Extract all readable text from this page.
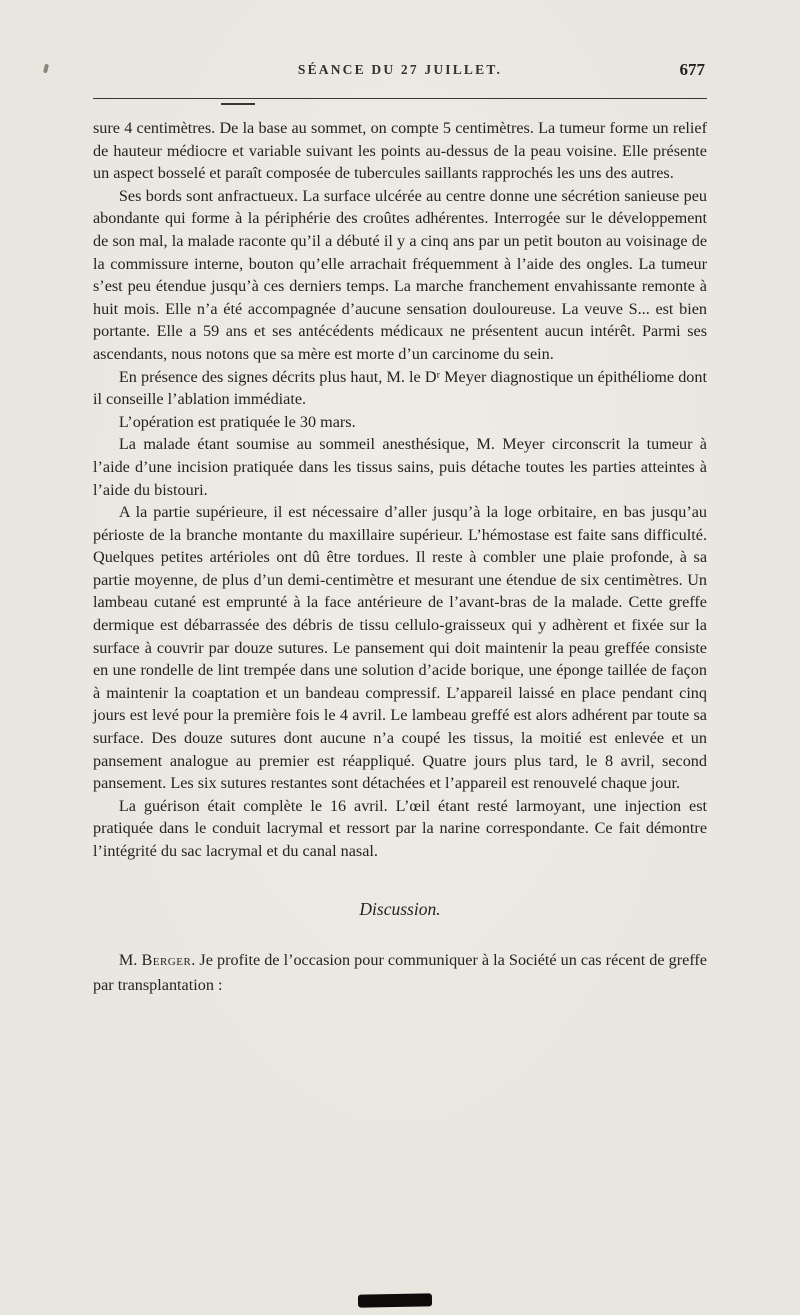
SÉANCE DU 27 JUILLET.	677

sure 4 centimètres. De la base au sommet, on compte 5 centimètres. La tumeur forme un relief de hauteur médiocre et variable suivant les points au-dessus de la peau voisine. Elle présente un aspect bosselé et paraît composée de tubercules saillants rapprochés les uns des autres.

Ses bords sont anfractueux. La surface ulcérée au centre donne une sécrétion sanieuse peu abondante qui forme à la périphérie des croûtes adhérentes. Interrogée sur le développement de son mal, la malade raconte qu’il a débuté il y a cinq ans par un petit bouton au voisinage de la commissure interne, bouton qu’elle arrachait fréquemment à l’aide des ongles. La tumeur s’est peu étendue jusqu’à ces derniers temps. La marche franchement envahissante remonte à huit mois. Elle n’a été accompagnée d’aucune sensation douloureuse. La veuve S... est bien portante. Elle a 59 ans et ses antécédents médicaux ne présentent aucun intérêt. Parmi ses ascendants, nous notons que sa mère est morte d’un carcinome du sein.

En présence des signes décrits plus haut, M. le Dʳ Meyer diagnostique un épithéliome dont il conseille l’ablation immédiate.

L’opération est pratiquée le 30 mars.

La malade étant soumise au sommeil anesthésique, M. Meyer circonscrit la tumeur à l’aide d’une incision pratiquée dans les tissus sains, puis détache toutes les parties atteintes à l’aide du bistouri.

A la partie supérieure, il est nécessaire d’aller jusqu’à la loge orbitaire, en bas jusqu’au périoste de la branche montante du maxillaire supérieur. L’hémostase est faite sans difficulté. Quelques petites artérioles ont dû être tordues. Il reste à combler une plaie profonde, à sa partie moyenne, de plus d’un demi-centimètre et mesurant une étendue de six centimètres. Un lambeau cutané est emprunté à la face antérieure de l’avant-bras de la malade. Cette greffe dermique est débarrassée des débris de tissu cellulo-graisseux qui y adhèrent et fixée sur la surface à couvrir par douze sutures. Le pansement qui doit maintenir la peau greffée consiste en une rondelle de lint trempée dans une solution d’acide borique, une éponge taillée de façon à maintenir la coaptation et un bandeau compressif. L’appareil laissé en place pendant cinq jours est levé pour la première fois le 4 avril. Le lambeau greffé est alors adhérent par toute sa surface. Des douze sutures dont aucune n’a coupé les tissus, la moitié est enlevée et un pansement analogue au premier est réappliqué. Quatre jours plus tard, le 8 avril, second pansement. Les six sutures restantes sont détachées et l’appareil est renouvelé chaque jour.

La guérison était complète le 16 avril. L’œil étant resté larmoyant, une injection est pratiquée dans le conduit lacrymal et ressort par la narine correspondante. Ce fait démontre l’intégrité du sac lacrymal et du canal nasal.

Discussion.

M. Berger. Je profite de l’occasion pour communiquer à la Société un cas récent de greffe par transplantation :
